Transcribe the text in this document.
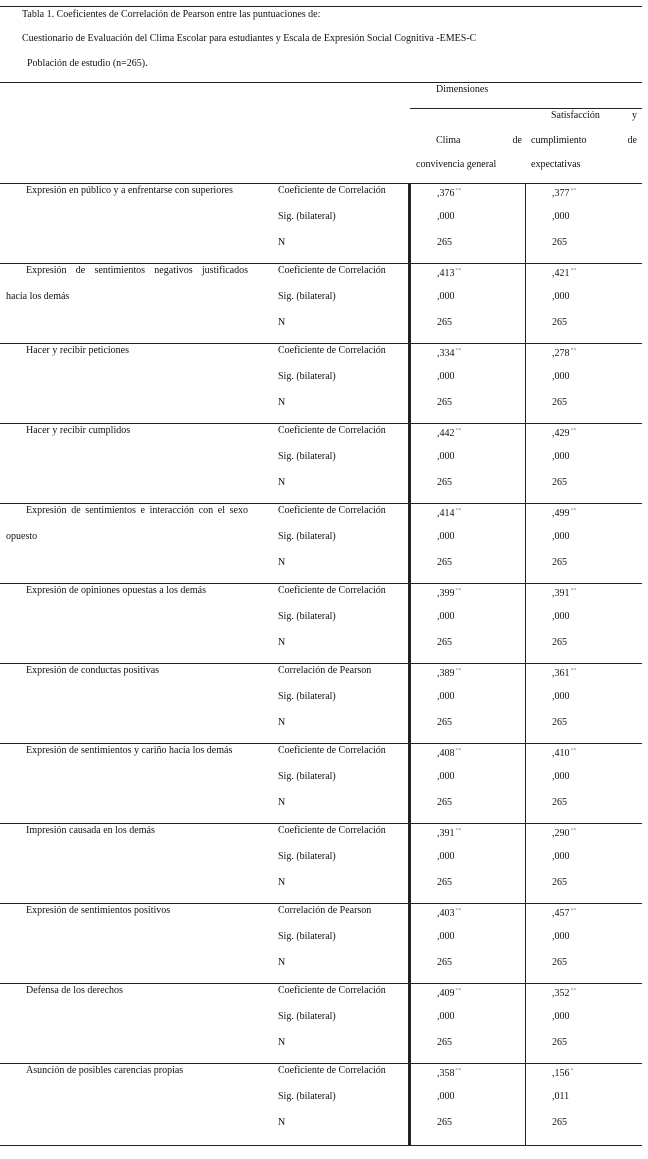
Tabla 1. Coeficientes de Correlación de Pearson entre las puntuaciones de:
Cuestionario de Evaluación del Clima Escolar para estudiantes y Escala de Expresión Social Cognitiva -EMES-C
Población de estudio (n=265).
Dimensiones
Clima	de
convivencia general
Satisfacción	y
cumplimiento	de
expectativas
Expresión en público y a enfrentarse con superiores	Coeficiente de Correlación	,376**	,377**
Sig. (bilateral)	,000	,000
N	265	265
Expresión de sentimientos negativos justificados
hacia los demás
Coeficiente de Correlación	,413**	,421**
Sig. (bilateral)	,000	,000
N	265	265
Hacer y recibir peticiones	Coeficiente de Correlación	,334**	,278**
Sig. (bilateral)	,000	,000
N	265	265
Hacer y recibir cumplidos	Coeficiente de Correlación	,442**	,429**
Sig. (bilateral)	,000	,000
N	265	265
Expresión de sentimientos e interacción con el sexo
opuesto
Coeficiente de Correlación	,414**	,499**
Sig. (bilateral)	,000	,000
N	265	265
Expresión de opiniones opuestas a los demás	Coeficiente de Correlación	,399**	,391**
Sig. (bilateral)	,000	,000
N	265	265
Expresión de conductas positivas	Correlación de Pearson	,389**	,361**
Sig. (bilateral)	,000	,000
N	265	265
Expresión de sentimientos y cariño hacia los demás	Coeficiente de Correlación	,408**	,410**
Sig. (bilateral)	,000	,000
N	265	265
Impresión causada en los demás	Coeficiente de Correlación	,391**	,290**
Sig. (bilateral)	,000	,000
N	265	265
Expresión de sentimientos positivos	Correlación de Pearson	,403**	,457**
Sig. (bilateral)	,000	,000
N	265	265
Defensa de los derechos	Coeficiente de Correlación	,409**	,352**
Sig. (bilateral)	,000	,000
N	265	265
Asunción de posibles carencias propias	Coeficiente de Correlación	,358**	,156*
Sig. (bilateral)	,000	,011
N	265	265
